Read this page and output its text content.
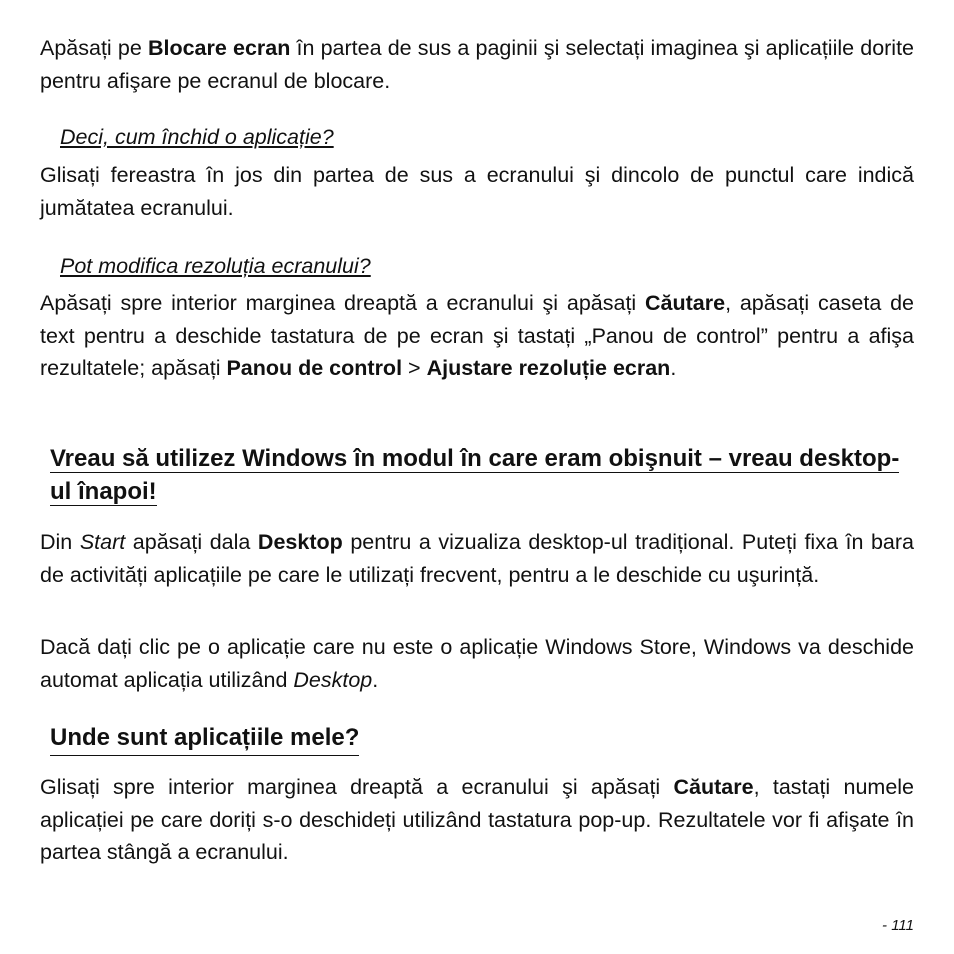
Apăsați pe Blocare ecran în partea de sus a paginii şi selectați imaginea şi aplicațiile dorite pentru afişare pe ecranul de blocare.

Deci, cum închid o aplicație?

Glisați fereastra în jos din partea de sus a ecranului şi dincolo de punctul care indică jumătatea ecranului.

Pot modifica rezoluția ecranului?

Apăsați spre interior marginea dreaptă a ecranului şi apăsați Căutare, apăsați caseta de text pentru a deschide tastatura de pe ecran şi tastați „Panou de control” pentru a afişa rezultatele; apăsați Panou de control > Ajustare rezoluție ecran.

Vreau să utilizez Windows în modul în care eram obişnuit – vreau desktop-ul înapoi!

Din Start apăsați dala Desktop pentru a vizualiza desktop-ul tradițional. Puteți fixa în bara de activități aplicațiile pe care le utilizați frecvent, pentru a le deschide cu uşurință.

Dacă dați clic pe o aplicație care nu este o aplicație Windows Store, Windows va deschide automat aplicația utilizând Desktop.

Unde sunt aplicațiile mele?

Glisați spre interior marginea dreaptă a ecranului şi apăsați Căutare, tastați numele aplicației pe care doriți s-o deschideți utilizând tastatura pop-up. Rezultatele vor fi afişate în partea stângă a ecranului.

- 111
